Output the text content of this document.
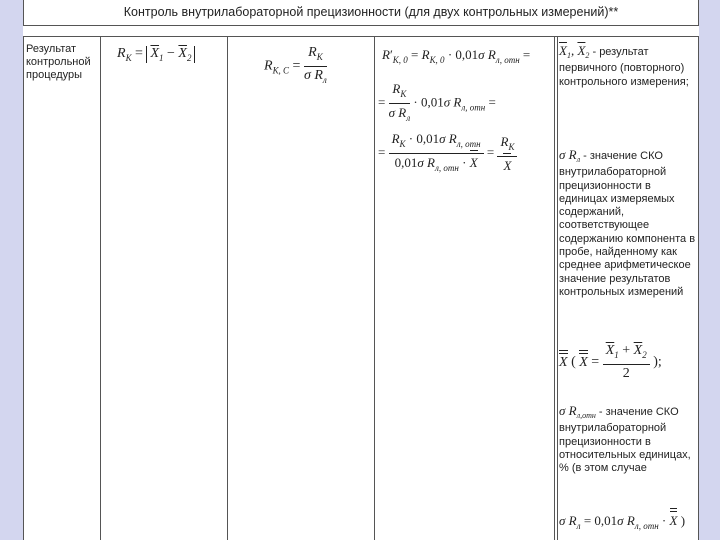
Контроль внутрилабораторной прецизионности (для двух контрольных измерений)**
Результат контрольной процедуры
$R_К = \overline{X}_1 - \overline{X}_2$
$R_{К, С} = \frac{R_К}{\sigma R_л}$	$R'_{К, 0} = R_{К, 0} \cdot 0,01\sigma$ $R_{л, отн}$ =
= $\frac{R_К}{\sigma R_л} \cdot 0,01\sigma$ $R_{л, отн}$ =
= $\frac{R_К \cdot 0,01\sigma R_{л, отн}}{0,01\sigma R_{л, отн} \cdot X} = \frac{R_К}{X}$
$\overline{X}_1$, $\overline{X}_2$ - результат первичного (повторного) контрольного измерения;
σ $R_л$ - значение СКО внутрилабораторной прецизионности в единицах измеряемых содержаний, соответствующее содержанию компонента в пробе, найденному как среднее арифметическое значение результатов контрольных измерений
X ( $X = \frac{\overline{X}_1 + \overline{X}_2}{2}$ );
σ $R_{л,отн}$ - значение СКО внутрилабораторной прецизионности в относительных единицах, % (в этом случае
σ $R_л = 0,01\sigma$ $R_{л, отн} \cdot X$ )
